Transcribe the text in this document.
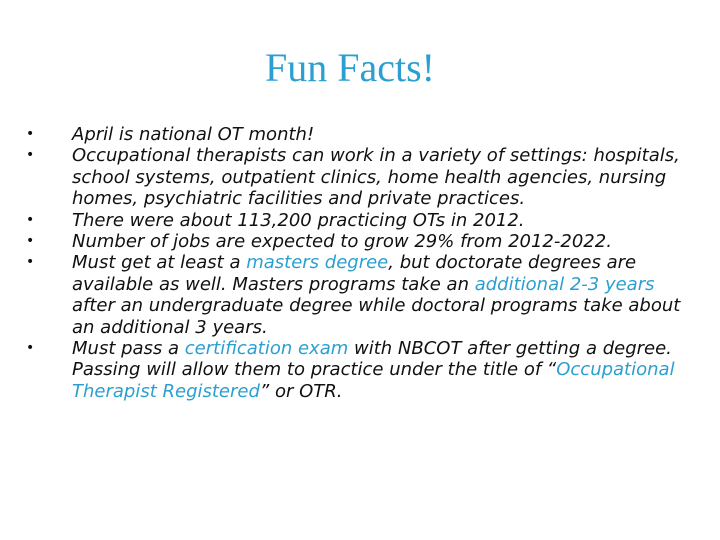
Fun Facts!
• April is national OT month!
• Occupational therapists can work in a variety of settings: hospitals, school systems, outpatient clinics, home health agencies, nursing homes, psychiatric facilities and private practices.
• There were about 113,200 practicing OTs in 2012.
• Number of jobs are expected to grow 29% from 2012-2022.
• Must get at least a masters degree, but doctorate degrees are available as well. Masters programs take an additional 2-3 years after an undergraduate degree while doctoral programs take about an additional 3 years.
• Must pass a certification exam with NBCOT after getting a degree. Passing will allow them to practice under the title of “Occupational Therapist Registered” or OTR.
